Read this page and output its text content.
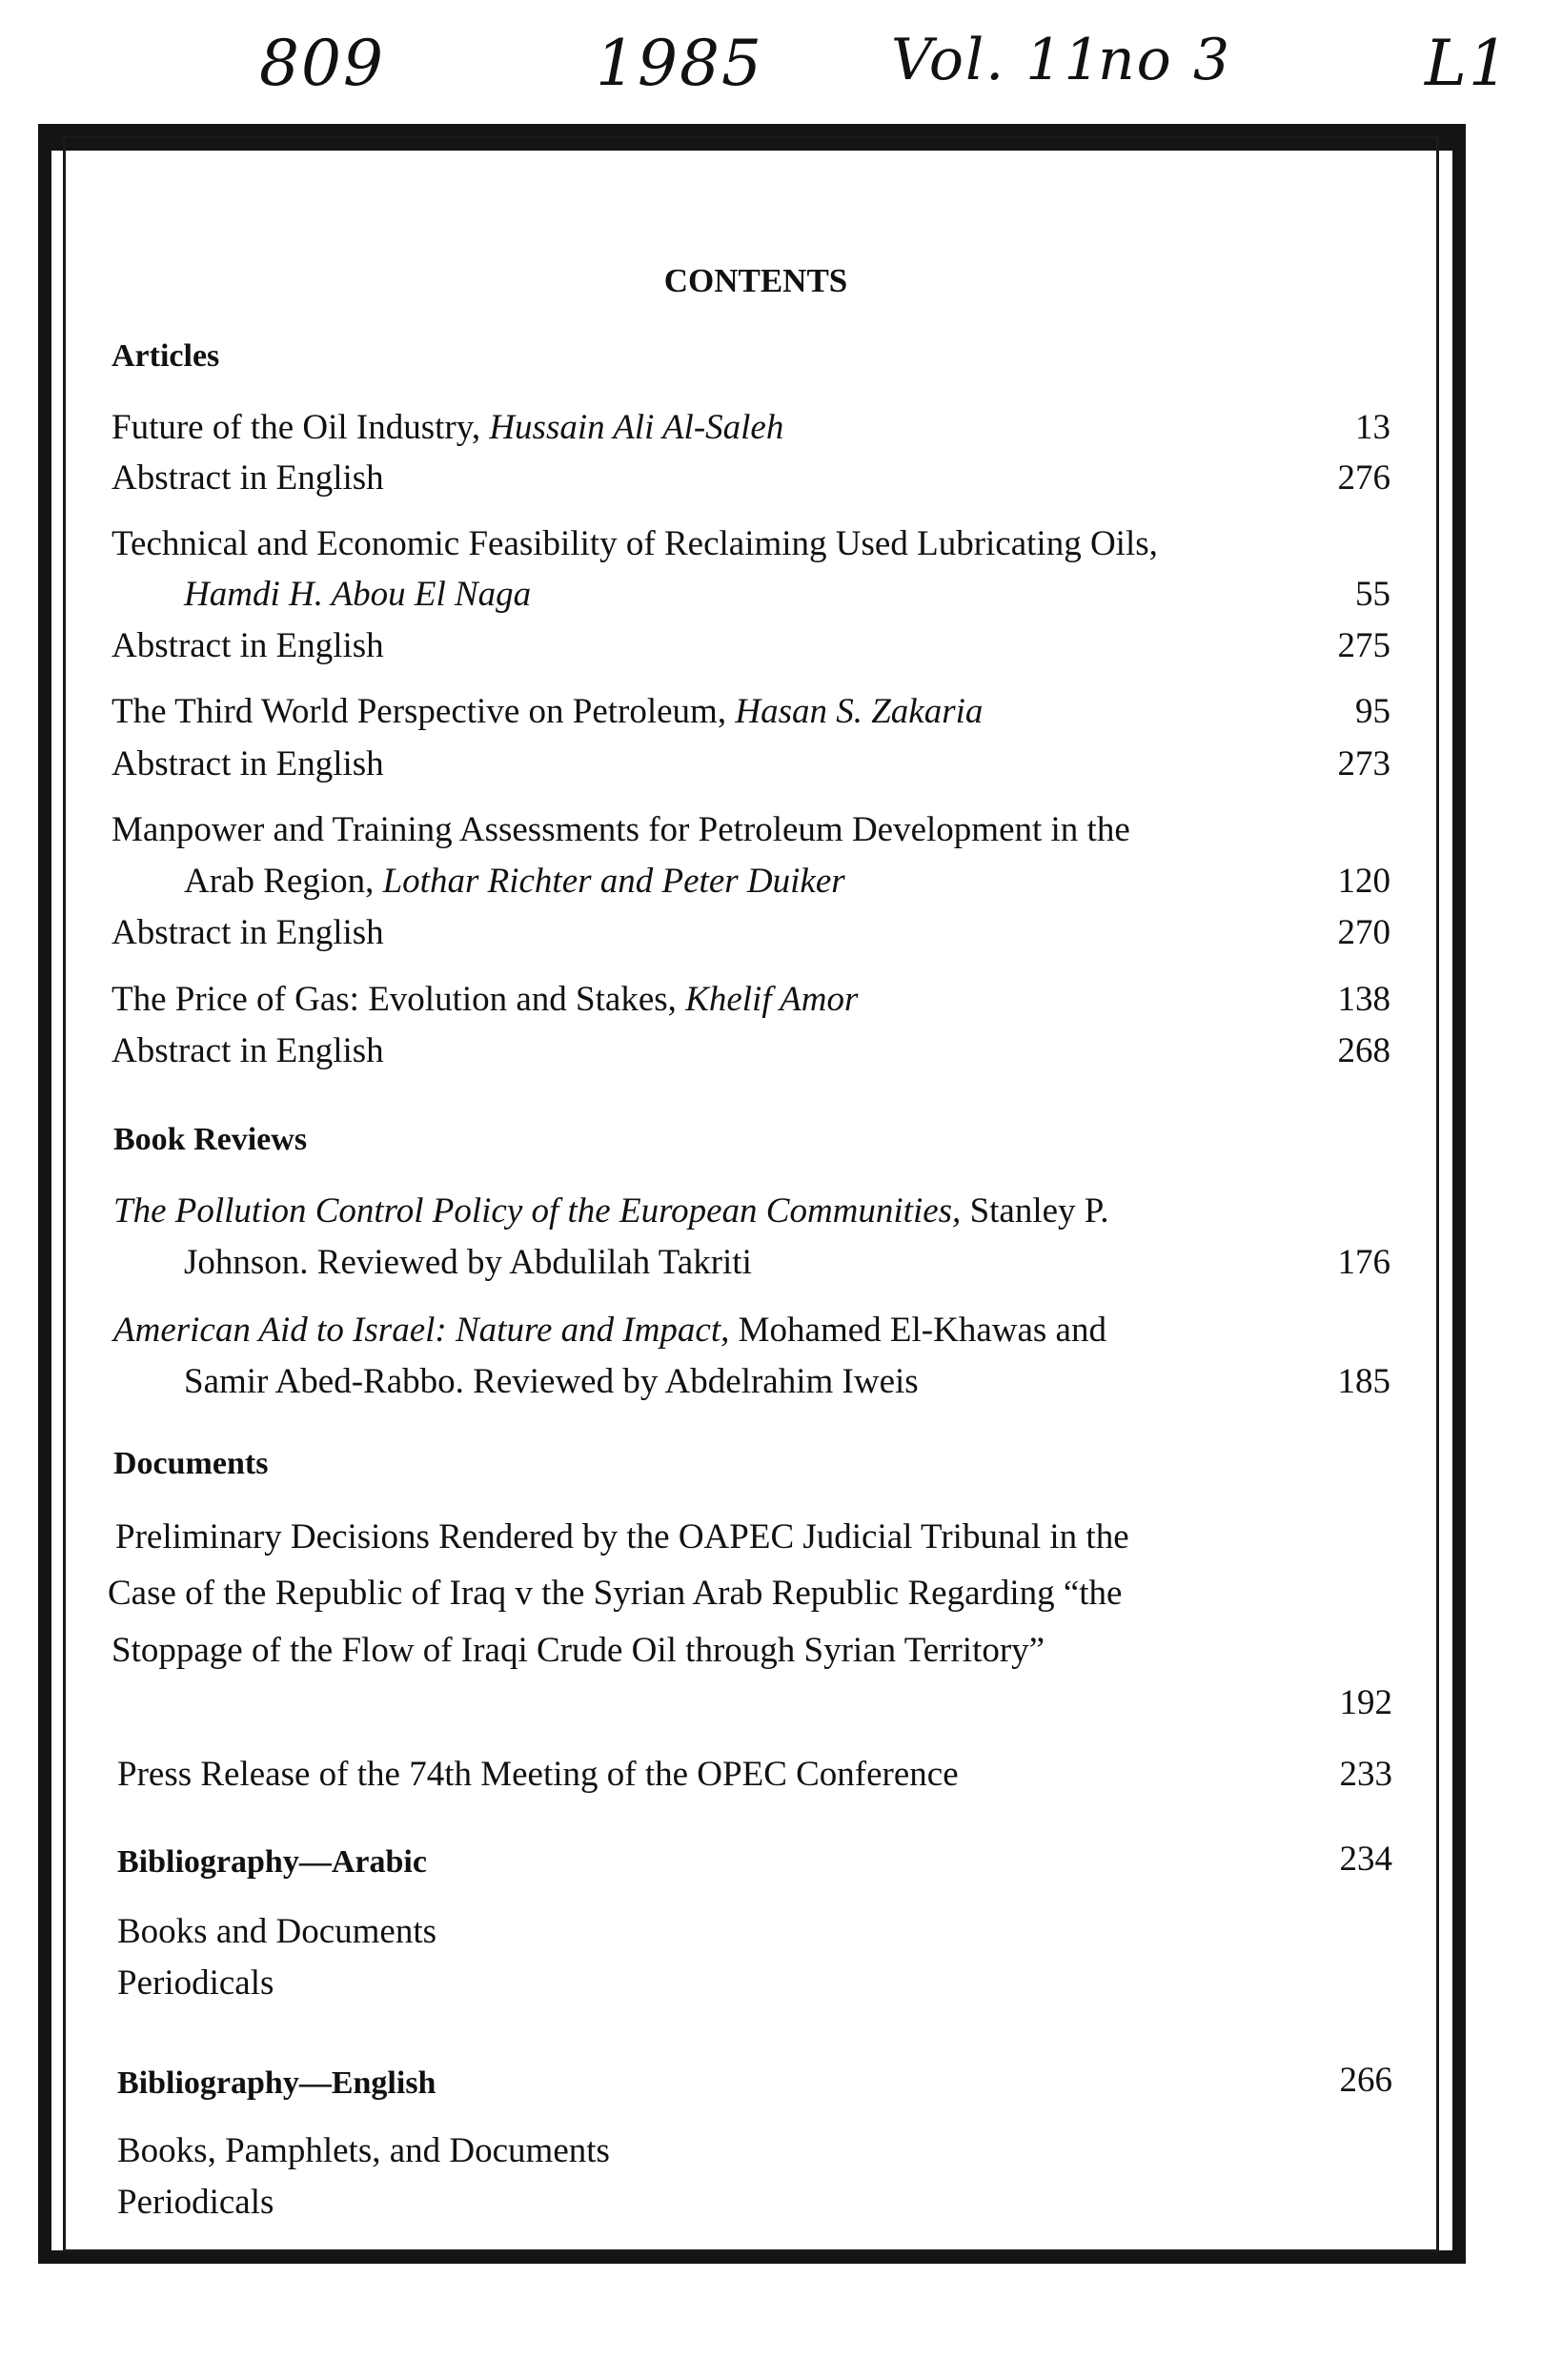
809	1985 Vol. 11
no 3	L1
CONTENTS
Articles
Future of the Oil Industry, Hussain Ali Al-Saleh	13
Abstract in English	276
Technical and Economic Feasibility of Reclaiming Used Lubricating Oils,
Hamdi H. Abou El Naga	55
Abstract in English	275
The Third World Perspective on Petroleum, Hasan S. Zakaria	95
Abstract in English	273
Manpower and Training Assessments for Petroleum Development in the
Arab Region, Lothar Richter and Peter Duiker	120
Abstract in English	270
The Price of Gas: Evolution and Stakes, Khelif Amor	138
Abstract in English	268
Book Reviews
The Pollution Control Policy of the European Communities, Stanley P.
Johnson. Reviewed by Abdulilah Takriti	176
American Aid to Israel: Nature and Impact, Mohamed El-Khawas and
Samir Abed-Rabbo. Reviewed by Abdelrahim Iweis	185
Documents
Preliminary Decisions Rendered by the OAPEC Judicial Tribunal in the
Case of the Republic of Iraq v the Syrian Arab Republic Regarding “the
Stoppage of the Flow of Iraqi Crude Oil through Syrian Territory”
192
Press Release of the 74th Meeting of the OPEC Conference	233
Bibliography—Arabic	234
Books and Documents
Periodicals
Bibliography—English	266
Books, Pamphlets, and Documents
Periodicals
